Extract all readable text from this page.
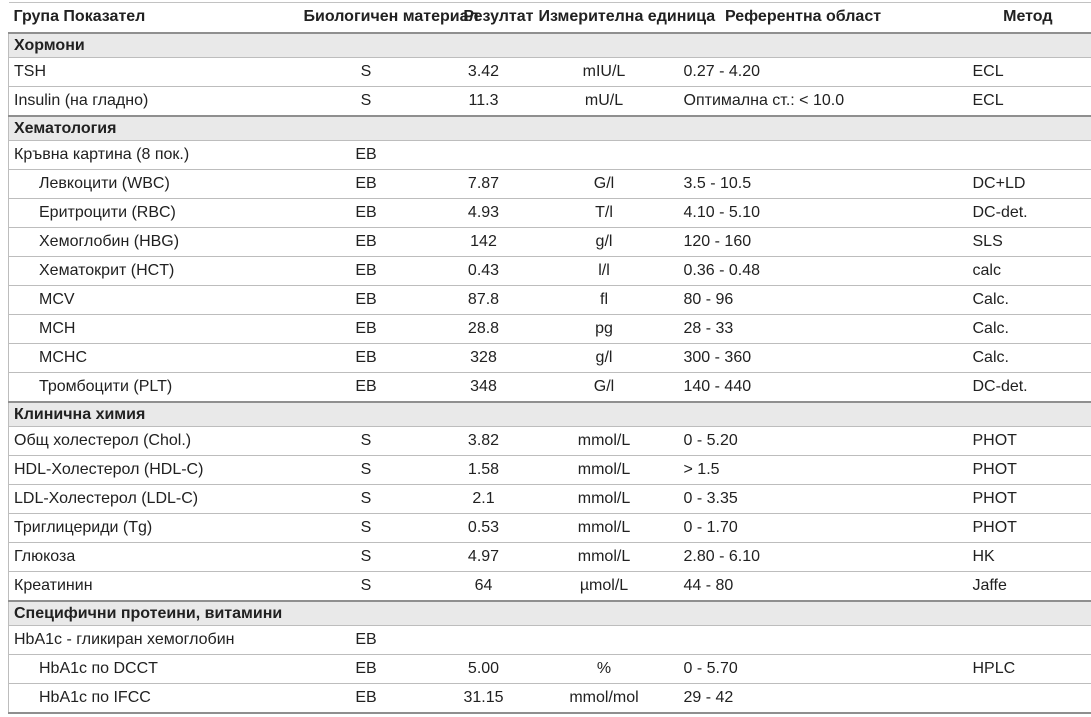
Група Показател	Биологичен материал	Резултат	Измерителна единица	Референтна област	Метод
Хормони					
TSH	S	3.42	mIU/L	0.27 - 4.20	ECL
Insulin (на гладно)	S	11.3	mU/L	Оптимална ст.: < 10.0	ECL
Хематология					
Кръвна картина (8 пок.)	EB				
Левкоцити (WBC)	EB	7.87	G/l	3.5 - 10.5	DC+LD
Еритроцити (RBC)	EB	4.93	T/l	4.10 - 5.10	DC-det.
Хемоглобин (HBG)	EB	142	g/l	120 - 160	SLS
Хематокрит (HCT)	EB	0.43	l/l	0.36 - 0.48	calc
MCV	EB	87.8	fl	80 - 96	Calc.
MCH	EB	28.8	pg	28 - 33	Calc.
MCHC	EB	328	g/l	300 - 360	Calc.
Тромбоцити (PLT)	EB	348	G/l	140 - 440	DC-det.
Клинична химия					
Общ холестерол (Chol.)	S	3.82	mmol/L	0 - 5.20	PHOT
HDL-Холестерол (HDL-C)	S	1.58	mmol/L	> 1.5	PHOT
LDL-Холестерол (LDL-C)	S	2.1	mmol/L	0 - 3.35	PHOT
Триглицериди (Tg)	S	0.53	mmol/L	0 - 1.70	PHOT
Глюкоза	S	4.97	mmol/L	2.80 - 6.10	HK
Креатинин	S	64	µmol/L	44 - 80	Jaffe
Специфични протеини, витамини					
HbA1c - гликиран хемоглобин	EB				
HbA1c по DCCT	EB	5.00	%	0 - 5.70	HPLC
HbA1c по IFCC	EB	31.15	mmol/mol	29 - 42	
